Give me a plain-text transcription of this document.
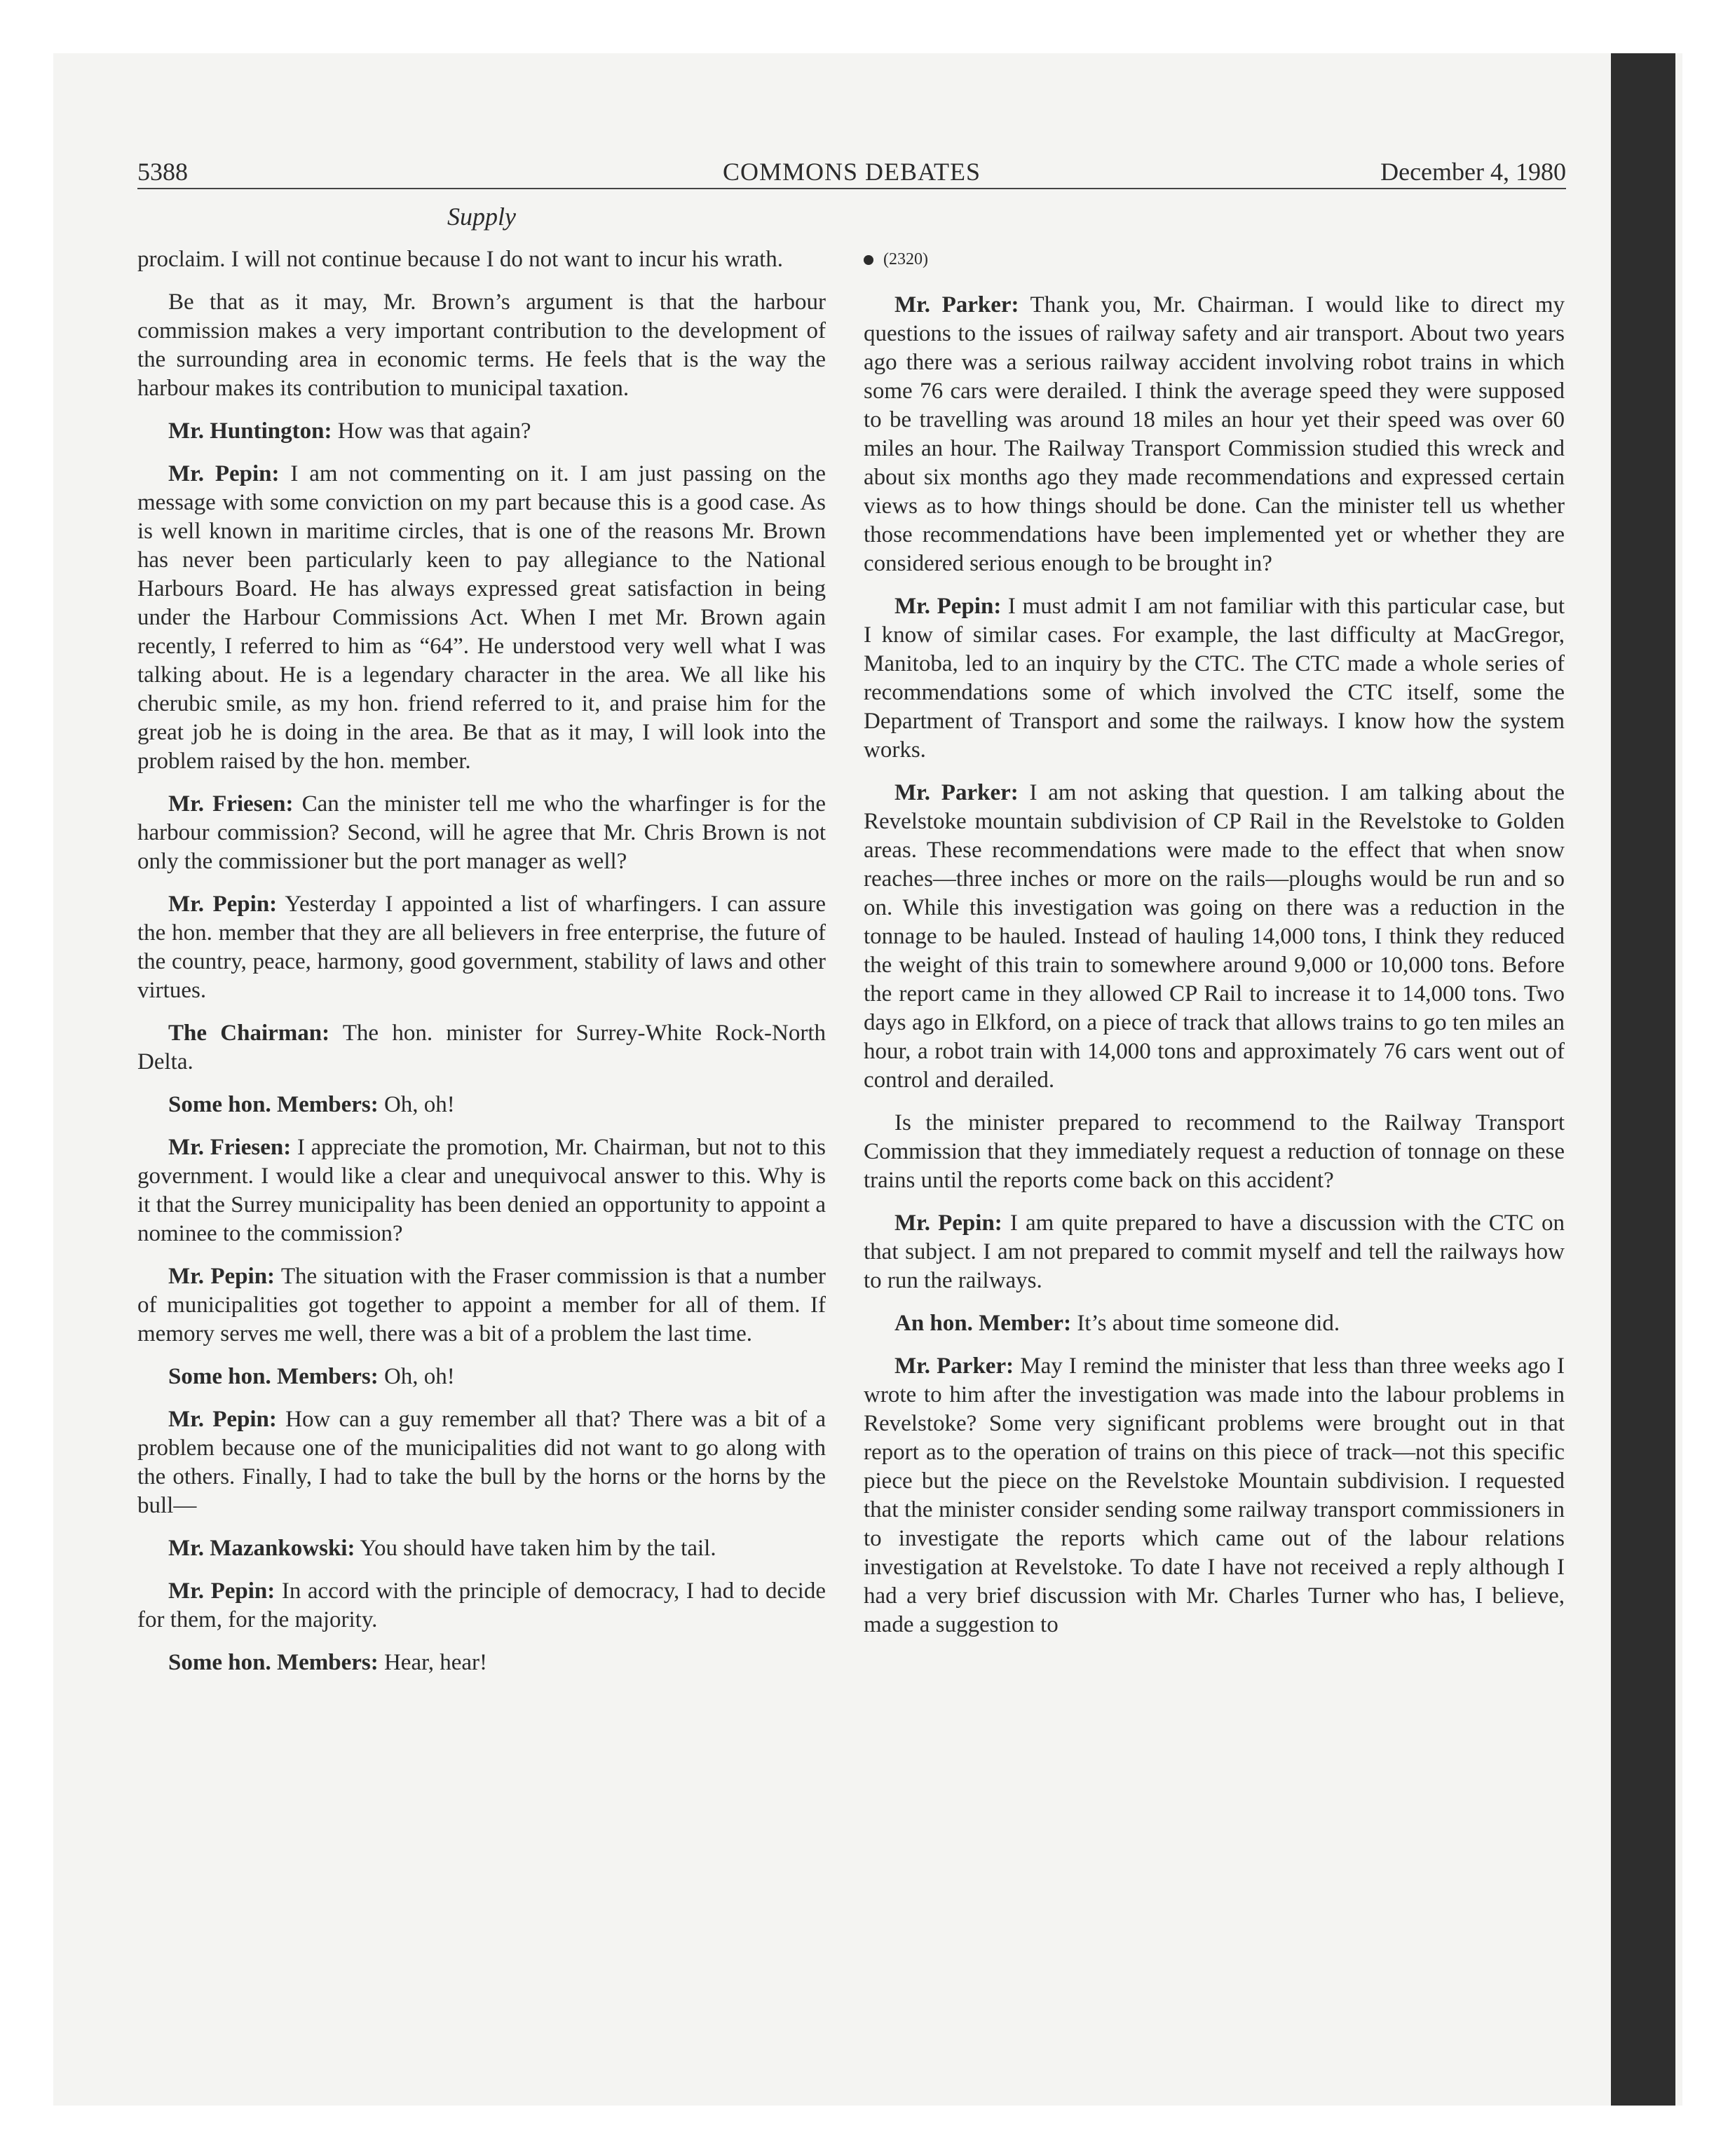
5388	COMMONS DEBATES	December 4, 1980
Supply

proclaim. I will not continue because I do not want to incur his wrath.

Be that as it may, Mr. Brown’s argument is that the harbour commission makes a very important contribution to the development of the surrounding area in economic terms. He feels that is the way the harbour makes its contribution to municipal taxation.

Mr. Huntington: How was that again?

Mr. Pepin: I am not commenting on it. I am just passing on the message with some conviction on my part because this is a good case. As is well known in maritime circles, that is one of the reasons Mr. Brown has never been particularly keen to pay allegiance to the National Harbours Board. He has always expressed great satisfaction in being under the Harbour Commissions Act. When I met Mr. Brown again recently, I referred to him as “64”. He understood very well what I was talking about. He is a legendary character in the area. We all like his cherubic smile, as my hon. friend referred to it, and praise him for the great job he is doing in the area. Be that as it may, I will look into the problem raised by the hon. member.

Mr. Friesen: Can the minister tell me who the wharfinger is for the harbour commission? Second, will he agree that Mr. Chris Brown is not only the commissioner but the port manager as well?

Mr. Pepin: Yesterday I appointed a list of wharfingers. I can assure the hon. member that they are all believers in free enterprise, the future of the country, peace, harmony, good government, stability of laws and other virtues.

The Chairman: The hon. minister for Surrey-White Rock-North Delta.

Some hon. Members: Oh, oh!

Mr. Friesen: I appreciate the promotion, Mr. Chairman, but not to this government. I would like a clear and unequivocal answer to this. Why is it that the Surrey municipality has been denied an opportunity to appoint a nominee to the commission?

Mr. Pepin: The situation with the Fraser commission is that a number of municipalities got together to appoint a member for all of them. If memory serves me well, there was a bit of a problem the last time.

Some hon. Members: Oh, oh!

Mr. Pepin: How can a guy remember all that? There was a bit of a problem because one of the municipalities did not want to go along with the others. Finally, I had to take the bull by the horns or the horns by the bull—

Mr. Mazankowski: You should have taken him by the tail.

Mr. Pepin: In accord with the principle of democracy, I had to decide for them, for the majority.

Some hon. Members: Hear, hear!

(2320)

Mr. Parker: Thank you, Mr. Chairman. I would like to direct my questions to the issues of railway safety and air transport. About two years ago there was a serious railway accident involving robot trains in which some 76 cars were derailed. I think the average speed they were supposed to be travelling was around 18 miles an hour yet their speed was over 60 miles an hour. The Railway Transport Commission studied this wreck and about six months ago they made recommendations and expressed certain views as to how things should be done. Can the minister tell us whether those recommendations have been implemented yet or whether they are considered serious enough to be brought in?

Mr. Pepin: I must admit I am not familiar with this particular case, but I know of similar cases. For example, the last difficulty at MacGregor, Manitoba, led to an inquiry by the CTC. The CTC made a whole series of recommendations some of which involved the CTC itself, some the Department of Transport and some the railways. I know how the system works.

Mr. Parker: I am not asking that question. I am talking about the Revelstoke mountain subdivision of CP Rail in the Revelstoke to Golden areas. These recommendations were made to the effect that when snow reaches—three inches or more on the rails—ploughs would be run and so on. While this investigation was going on there was a reduction in the tonnage to be hauled. Instead of hauling 14,000 tons, I think they reduced the weight of this train to somewhere around 9,000 or 10,000 tons. Before the report came in they allowed CP Rail to increase it to 14,000 tons. Two days ago in Elkford, on a piece of track that allows trains to go ten miles an hour, a robot train with 14,000 tons and approximately 76 cars went out of control and derailed.

Is the minister prepared to recommend to the Railway Transport Commission that they immediately request a reduction of tonnage on these trains until the reports come back on this accident?

Mr. Pepin: I am quite prepared to have a discussion with the CTC on that subject. I am not prepared to commit myself and tell the railways how to run the railways.

An hon. Member: It’s about time someone did.

Mr. Parker: May I remind the minister that less than three weeks ago I wrote to him after the investigation was made into the labour problems in Revelstoke? Some very significant problems were brought out in that report as to the operation of trains on this piece of track—not this specific piece but the piece on the Revelstoke Mountain subdivision. I requested that the minister consider sending some railway transport commissioners in to investigate the reports which came out of the labour relations investigation at Revelstoke. To date I have not received a reply although I had a very brief discussion with Mr. Charles Turner who has, I believe, made a suggestion to
